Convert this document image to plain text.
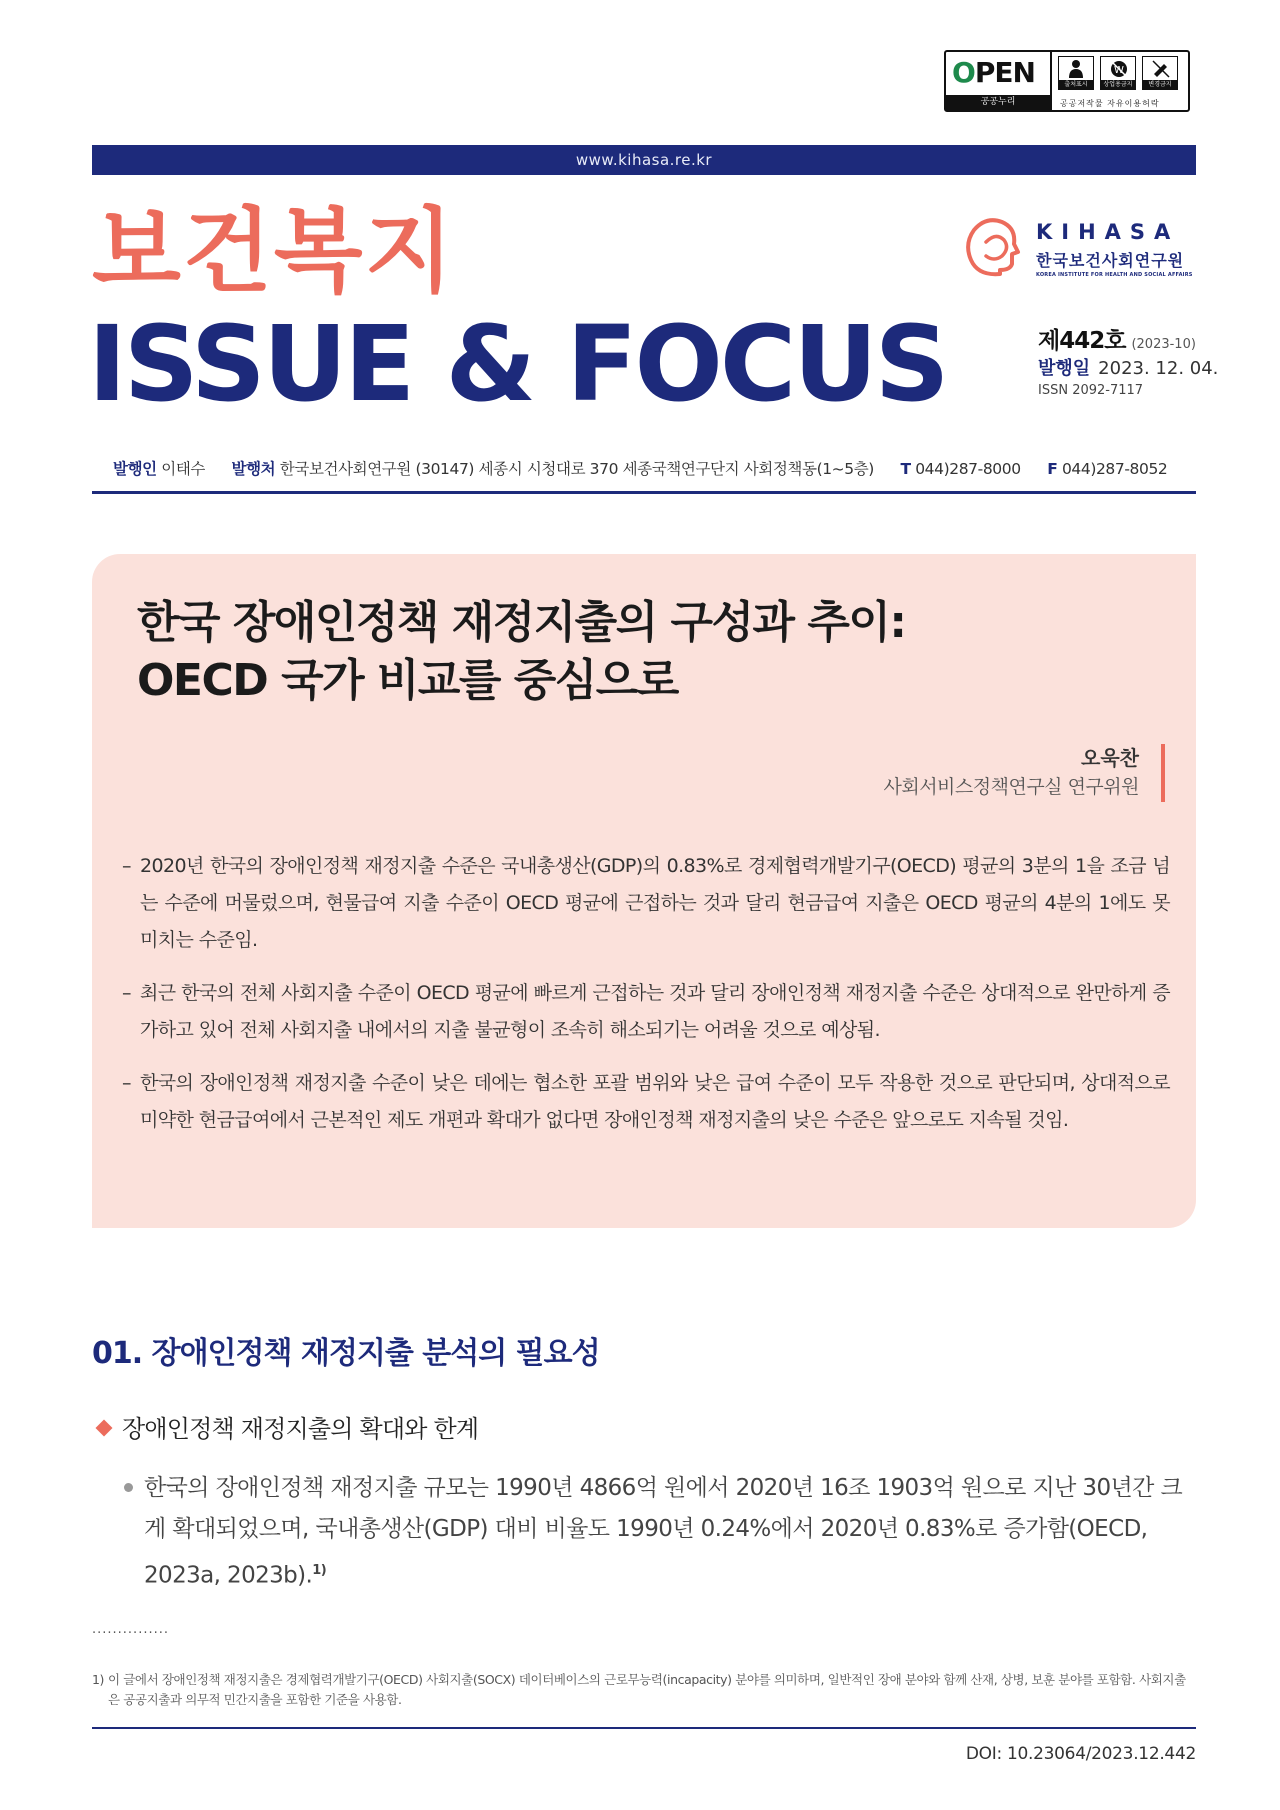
OPEN
공공누리
출처표시
W
상업용금지	변경금지
공공저작물 자유이용허락
www.kihasa.re.kr
보건복지
ISSUE & FOCUS
KIHASA
한국보건사회연구원
KOREA INSTITUTE FOR HEALTH AND SOCIAL AFFAIRS
제442호 (2023-10)
발행일 2023. 12. 04.
ISSN 2092-7117
발행인 이태수 발행처 한국보건사회연구원 (30147) 세종시 시청대로 370 세종국책연구단지 사회정책동(1~5층) T 044)287-8000 F 044)287-8052
한국 장애인정책 재정지출의 구성과 추이:
OECD 국가 비교를 중심으로
오욱찬
사회서비스정책연구실 연구위원
– 2020년 한국의 장애인정책 재정지출 수준은 국내총생산(GDP)의 0.83%로 경제협력개발기구(OECD) 평균의 3분의 1을 조금 넘는 수준에 머물렀으며, 현물급여 지출 수준이 OECD 평균에 근접하는 것과 달리 현금급여 지출은 OECD 평균의 4분의 1에도 못 미치는 수준임.
– 최근 한국의 전체 사회지출 수준이 OECD 평균에 빠르게 근접하는 것과 달리 장애인정책 재정지출 수준은 상대적으로 완만하게 증가하고 있어 전체 사회지출 내에서의 지출 불균형이 조속히 해소되기는 어려울 것으로 예상됨.
– 한국의 장애인정책 재정지출 수준이 낮은 데에는 협소한 포괄 범위와 낮은 급여 수준이 모두 작용한 것으로 판단되며, 상대적으로 미약한 현금급여에서 근본적인 제도 개편과 확대가 없다면 장애인정책 재정지출의 낮은 수준은 앞으로도 지속될 것임.
01. 장애인정책 재정지출 분석의 필요성
장애인정책 재정지출의 확대와 한계
한국의 장애인정책 재정지출 규모는 1990년 4866억 원에서 2020년 16조 1903억 원으로 지난 30년간 크게 확대되었으며, 국내총생산(GDP) 대비 비율도 1990년 0.24%에서 2020년 0.83%로 증가함(OECD, 2023a, 2023b).$^{1)}$
...............
1) 이 글에서 장애인정책 재정지출은 경제협력개발기구(OECD) 사회지출(SOCX) 데이터베이스의 근로무능력(incapacity) 분야를 의미하며, 일반적인 장애 분야와 함께 산재, 상병, 보훈 분야를 포함함. 사회지출은 공공지출과 의무적 민간지출을 포함한 기준을 사용함.
DOI: 10.23064/2023.12.442
